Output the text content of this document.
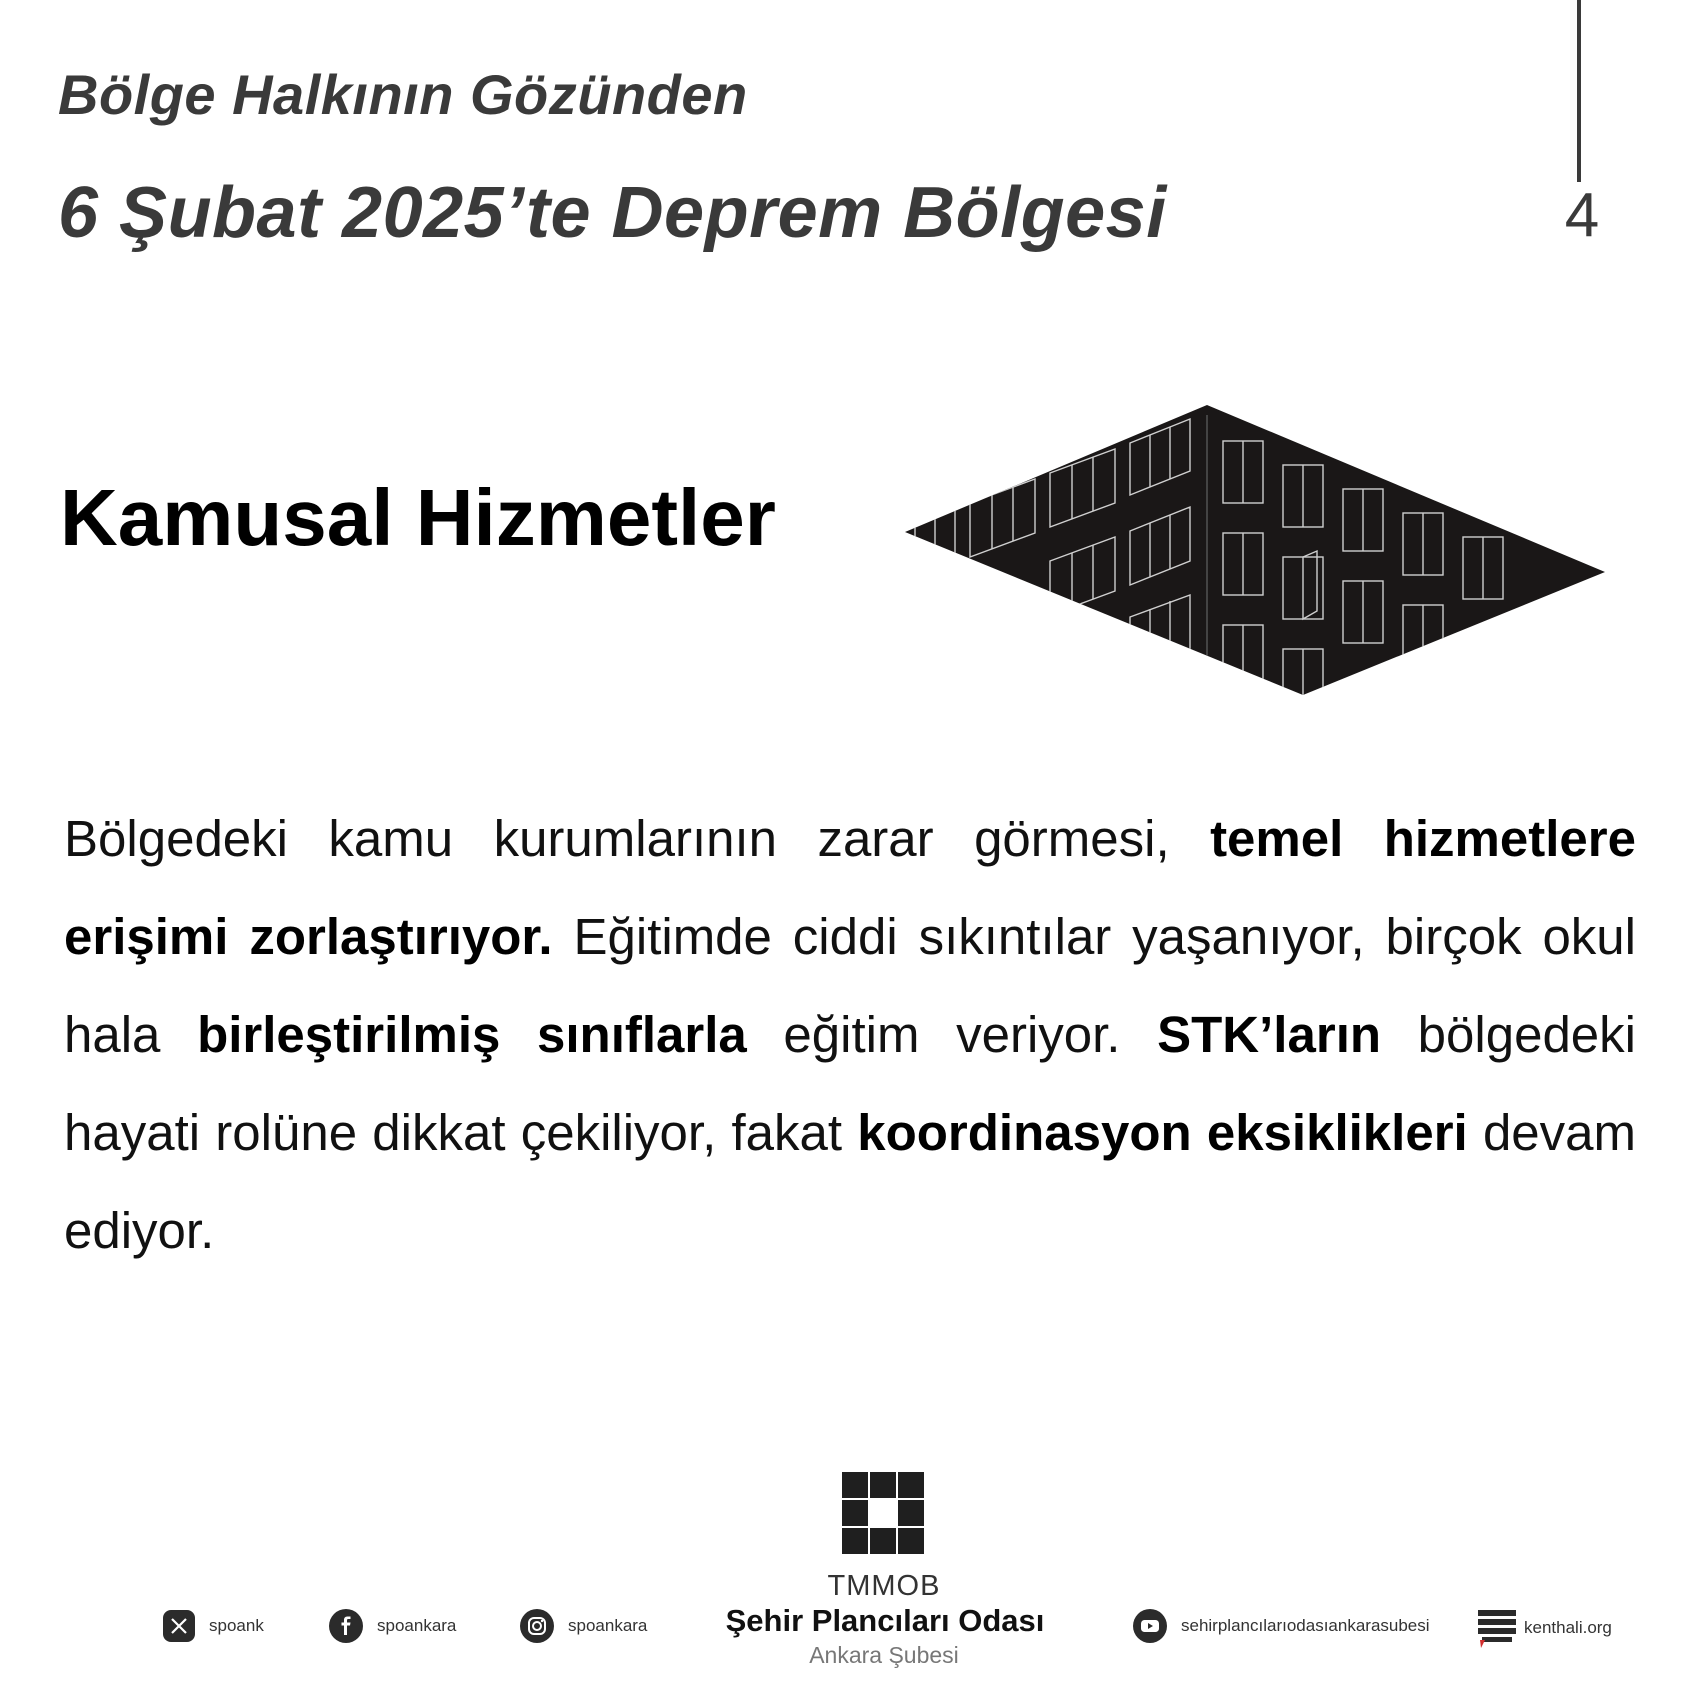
Bölge Halkının Gözünden
6 Şubat 2025’te Deprem Bölgesi	4
Kamusal Hizmetler

Bölgedeki kamu kurumlarının zarar görmesi, temel hizmetlere erişimi zorlaştırıyor. Eğitimde ciddi sıkıntılar yaşanıyor, birçok okul hala birleştirilmiş sınıflarla eğitim veriyor. STK’ların bölgedeki hayati rolüne dikkat çekiliyor, fakat koordinasyon eksiklikleri devam ediyor.

TMMOB
Şehir Plancıları Odası
Ankara Şubesi
spoank	spoankara	spoankara	sehirplancılarıodasıankarasubesi	kenthali.org
